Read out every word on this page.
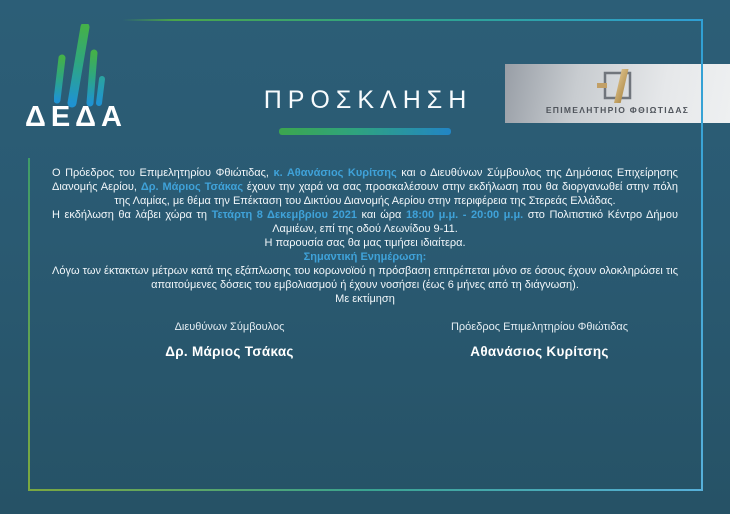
ΔΕΔΑ
ΠΡΟΣΚΛΗΣΗ	ΕΠΙΜΕΛΗΤΗΡΙΟ ΦΘΙΩΤΙΔΑΣ

Ο Πρόεδρος του Επιμελητηρίου Φθιώτιδας, κ. Αθανάσιος Κυρίτσης και ο Διευθύνων Σύμβουλος της Δημόσιας Επιχείρησης Διανομής Αερίου, Δρ. Μάριος Τσάκας έχουν την χαρά να σας προσκαλέσουν στην εκδήλωση που θα διοργανωθεί στην πόλη της Λαμίας, με θέμα την Επέκταση του Δικτύου Διανομής Αερίου στην περιφέρεια της Στερεάς Ελλάδας.

Η εκδήλωση θα λάβει χώρα τη Τετάρτη 8 Δεκεμβρίου 2021 και ώρα 18:00 μ.μ. - 20:00 μ.μ. στο Πολιτιστικό Κέντρο Δήμου Λαμιέων, επί της οδού Λεωνίδου 9-11.

Η παρουσία σας θα μας τιμήσει ιδιαίτερα.

Σημαντική Ενημέρωση:

Λόγω των έκτακτων μέτρων κατά της εξάπλωσης του κορωνοϊού η πρόσβαση επιτρέπεται μόνο σε όσους έχουν ολοκληρώσει τις απαιτούμενες δόσεις του εμβολιασμού ή έχουν νοσήσει (έως 6 μήνες από τη διάγνωση).

Με εκτίμηση

Διευθύνων Σύμβουλος
Δρ. Μάριος Τσάκας
Πρόεδρος Επιμελητηρίου Φθιώτιδας
Αθανάσιος Κυρίτσης
